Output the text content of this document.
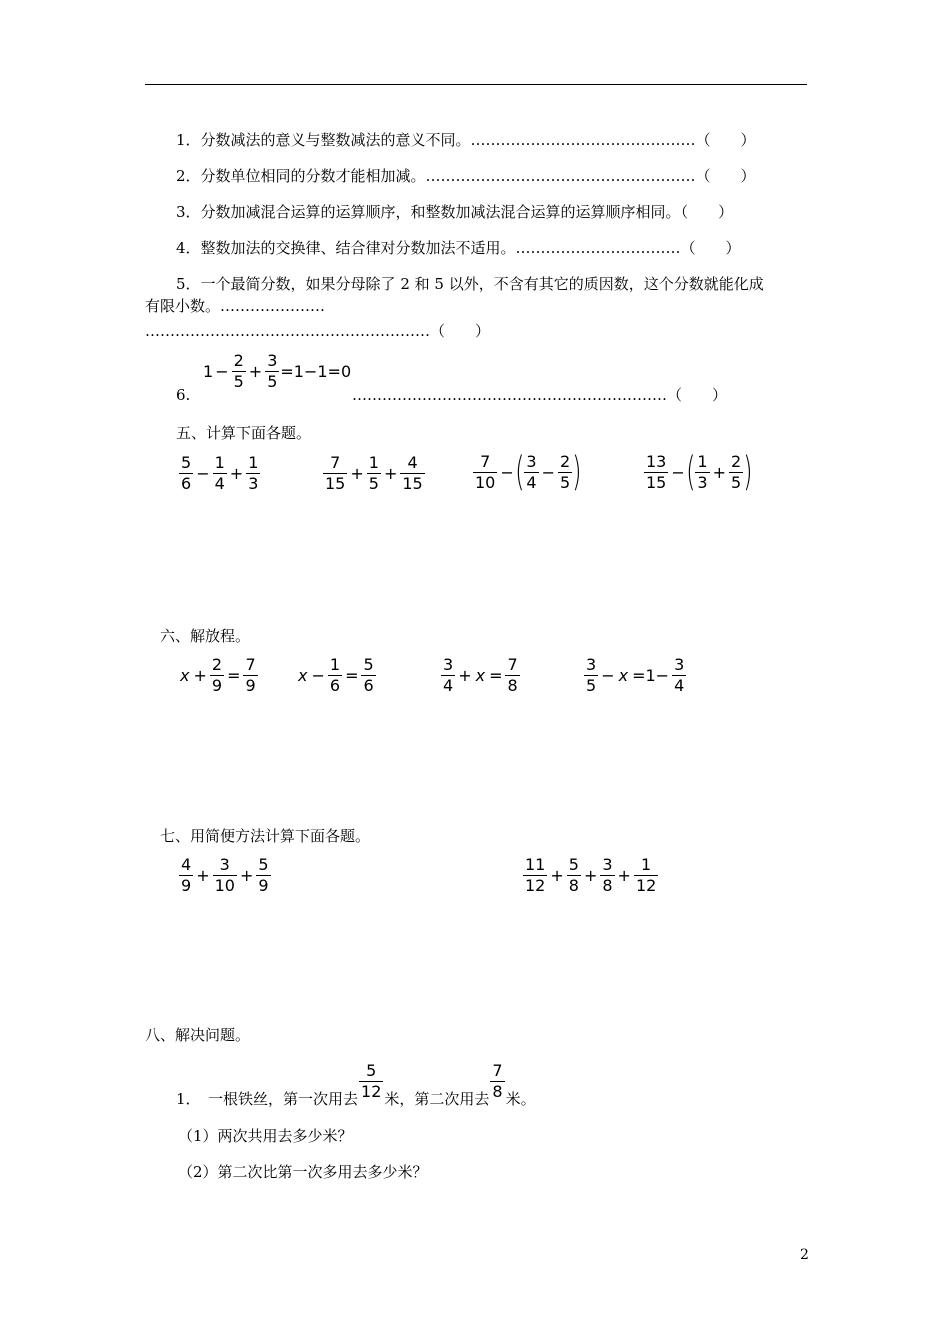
1．分数减法的意义与整数减法的意义不同。………………………………………（　　）
2．分数单位相同的分数才能相加减。………………………………………………（　　）
3．分数加减混合运算的运算顺序，和整数加减法混合运算的运算顺序相同。（　　）
4．整数加法的交换律、结合律对分数加法不适用。……………………………（　　）
5．一个最简分数，如果分母除了 2 和 5 以外，不含有其它的质因数，这个分数就能化成
有限小数。…………………
…………………………………………………（　　）
6.
$1 - \frac{2}{5} + \frac{3}{5} =1-1=0$
………………………………………………………（　　）
五、计算下面各题。
$\frac{5}{6} - \frac{1}{4} + \frac{1}{3}$	$\frac{7}{15} + \frac{1}{5} + \frac{4}{15}$	$\frac{7}{10}$ − ( $\frac{3}{4} - \frac{2}{5}$ )	$\frac{13}{15}$ − ( $\frac{1}{3} + \frac{2}{5}$ )
六、解放程。
$x + \frac{2}{9} = \frac{7}{9}$	$x - \frac{1}{6} = \frac{5}{6}$	$\frac{3}{4} + x = \frac{7}{8}$	$\frac{3}{5} - x =1- \frac{3}{4}$
七、用简便方法计算下面各题。
$\frac{4}{9} + \frac{3}{10} + \frac{5}{9}$	$\frac{11}{12} + \frac{5}{8} + \frac{3}{8} + \frac{1}{12}$
八、解决问题。
1．　一根铁丝，第一次用去 $\frac{5}{12}$ 米，第二次用去 $\frac{7}{8}$ 米。
（1）两次共用去多少米？
（2）第二次比第一次多用去多少米？
2
